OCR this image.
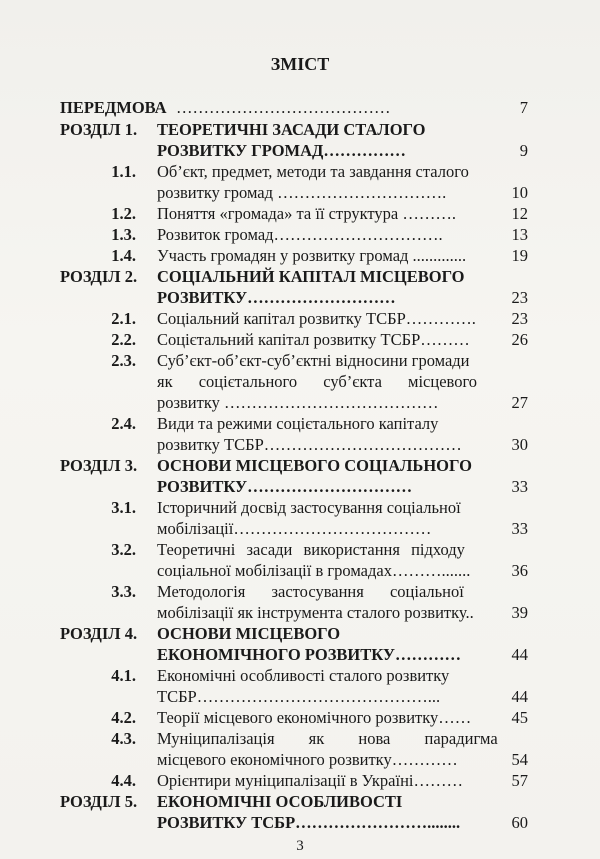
ЗМІСТ
ПЕРЕДМОВА …………………………………	7
РОЗДІЛ 1. ТЕОРЕТИЧНІ ЗАСАДИ СТАЛОГО
РОЗВИТКУ ГРОМАД……………	9
1.1. Об’єкт, предмет, методи та завдання сталого
розвитку громад ………………………….	10
1.2. Поняття «громада» та її структура ……….	12
1.3. Розвиток громад………………………….	13
1.4. Участь громадян у розвитку громад .............	19
РОЗДІЛ 2. СОЦІАЛЬНИЙ КАПІТАЛ МІСЦЕВОГО
РОЗВИТКУ………………………	23
2.1. Соціальний капітал розвитку ТСБР………….	23
2.2. Соцієтальний капітал розвитку ТСБР………	26
2.3. Суб’єкт-об’єкт-суб’єктні відносини громади
як соцієтального суб’єкта місцевого
розвитку …………………………………	27
2.4. Види та режими соцієтального капіталу
розвитку ТСБР………………………………	30
РОЗДІЛ 3. ОСНОВИ МІСЦЕВОГО СОЦІАЛЬНОГО
РОЗВИТКУ…………………………	33
3.1. Історичний досвід застосування соціальної
мобілізації………………………………	33
3.2. Теоретичні засади використання підходу
соціальної мобілізації в громадах……….......	36
3.3. Методологія застосування соціальної
мобілізації як інструмента сталого розвитку..	39
РОЗДІЛ 4. ОСНОВИ МІСЦЕВОГО
ЕКОНОМІЧНОГО РОЗВИТКУ…………	44
4.1. Економічні особливості сталого розвитку
ТСБР……………………………………...	44
4.2. Теорії місцевого економічного розвитку……	45
4.3. Муніципалізація як нова парадигма
місцевого економічного розвитку…………	54
4.4. Орієнтири муніципалізації в Україні………	57
РОЗДІЛ 5. ЕКОНОМІЧНІ ОСОБЛИВОСТІ
РОЗВИТКУ ТСБР……………………........	60
3
